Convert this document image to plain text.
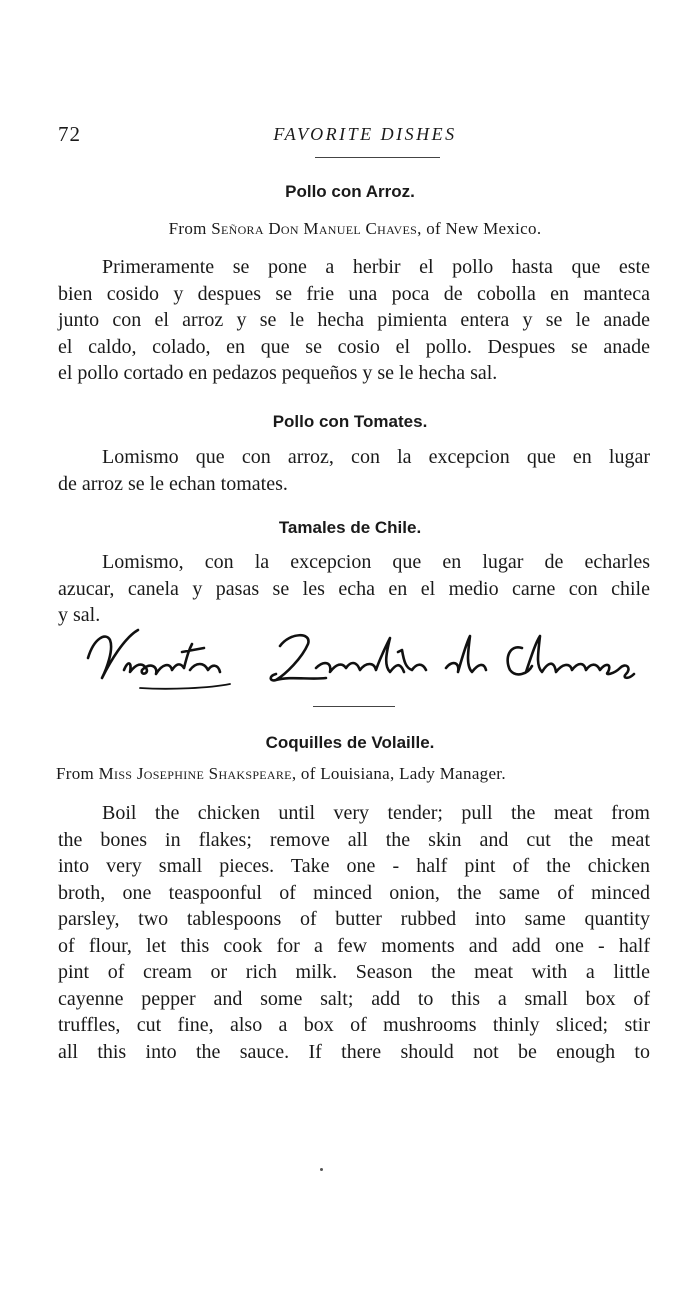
72	FAVORITE DISHES
Pollo con Arroz.
From Señora Don Manuel Chaves, of New Mexico.
Primeramente se pone a herbir el pollo hasta que este
bien cosido y despues se frie una poca de cobolla en manteca
junto con el arroz y se le hecha pimienta entera y se le anade
el caldo, colado, en que se cosio el pollo. Despues se anade
el pollo cortado en pedazos pequeños y se le hecha sal.
Pollo con Tomates.
Lomismo que con arroz, con la excepcion que en lugar
de arroz se le echan tomates.
Tamales de Chile.
Lomismo, con la excepcion que en lugar de echarles
azucar, canela y pasas se les echa en el medio carne con chile
y sal.
Coquilles de Volaille.
From Miss Josephine Shakspeare, of Louisiana, Lady Manager.
Boil the chicken until very tender; pull the meat from
the bones in flakes; remove all the skin and cut the meat
into very small pieces. Take one - half pint of the chicken
broth, one teaspoonful of minced onion, the same of minced
parsley, two tablespoons of butter rubbed into same quantity
of flour, let this cook for a few moments and add one - half
pint of cream or rich milk. Season the meat with a little
cayenne pepper and some salt; add to this a small box of
truffles, cut fine, also a box of mushrooms thinly sliced; stir
all this into the sauce. If there should not be enough to
